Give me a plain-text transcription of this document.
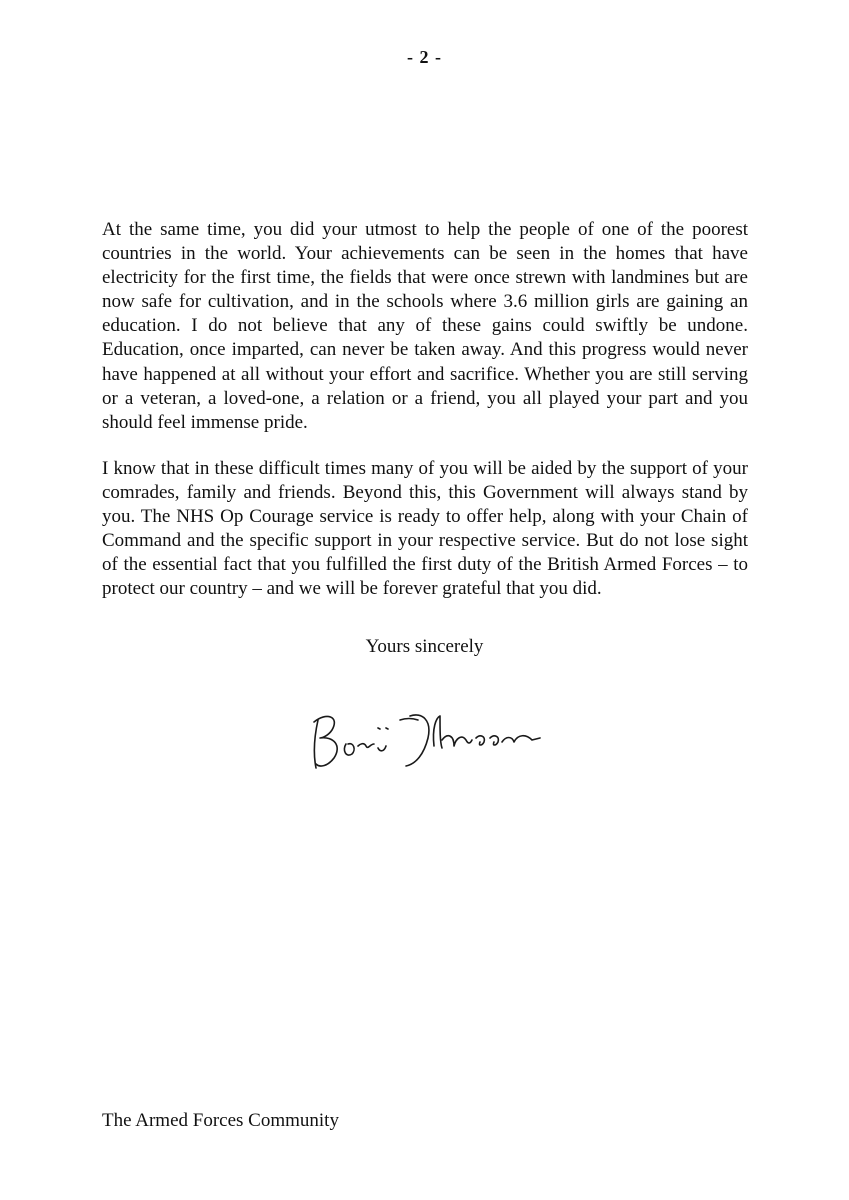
- 2 -

At the same time, you did your utmost to help the people of one of the poorest countries in the world. Your achievements can be seen in the homes that have electricity for the first time, the fields that were once strewn with landmines but are now safe for cultivation, and in the schools where 3.6 million girls are gaining an education. I do not believe that any of these gains could swiftly be undone. Education, once imparted, can never be taken away. And this progress would never have happened at all without your effort and sacrifice. Whether you are still serving or a veteran, a loved-one, a relation or a friend, you all played your part and you should feel immense pride.

I know that in these difficult times many of you will be aided by the support of your comrades, family and friends. Beyond this, this Government will always stand by you. The NHS Op Courage service is ready to offer help, along with your Chain of Command and the specific support in your respective service. But do not lose sight of the essential fact that you fulfilled the first duty of the British Armed Forces – to protect our country – and we will be forever grateful that you did.

Yours sincerely
The Armed Forces Community
